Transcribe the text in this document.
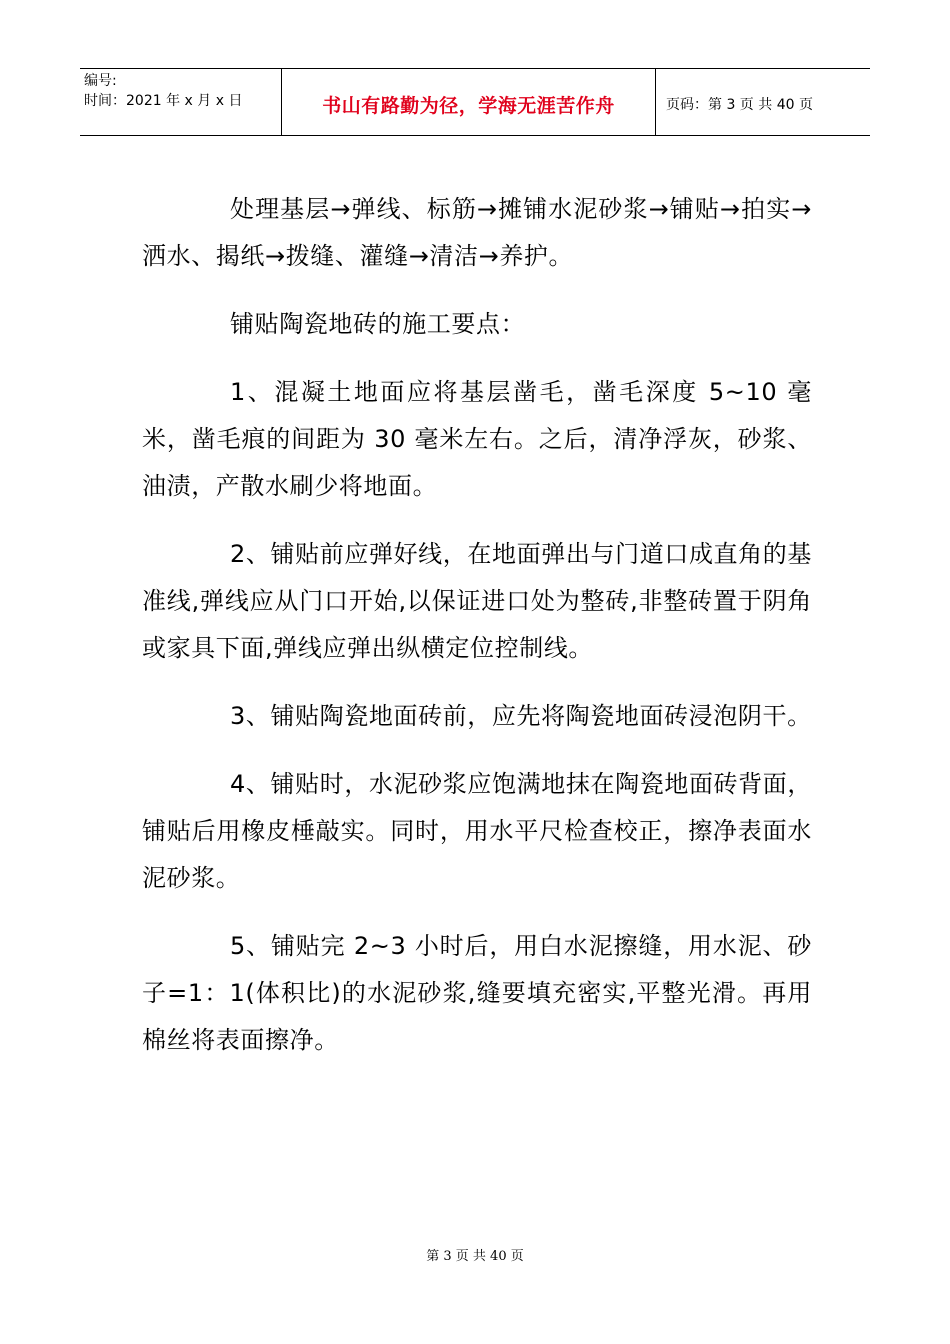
编号:
时间：2021 年 x 月 x 日	书山有路勤为径，学海无涯苦作舟	页码：第 3 页 共 40 页

处理基层→弹线、标筋→摊铺水泥砂浆→铺贴→拍实→洒水、揭纸→拨缝、灌缝→清洁→养护。

铺贴陶瓷地砖的施工要点：

1、混凝土地面应将基层凿毛，凿毛深度 5~10 毫米，凿毛痕的间距为 30 毫米左右。之后，清净浮灰，砂浆、油渍，产散水刷少将地面。

2、铺贴前应弹好线，在地面弹出与门道口成直角的基准线,弹线应从门口开始,以保证进口处为整砖,非整砖置于阴角或家具下面,弹线应弹出纵横定位控制线。

3、铺贴陶瓷地面砖前，应先将陶瓷地面砖浸泡阴干。

4、铺贴时，水泥砂浆应饱满地抹在陶瓷地面砖背面，铺贴后用橡皮棰敲实。同时，用水平尺检查校正，擦净表面水泥砂浆。

5、铺贴完 2~3 小时后，用白水泥擦缝，用水泥、砂子=1：1(体积比)的水泥砂浆,缝要填充密实,平整光滑。再用棉丝将表面擦净。

第 3 页 共 40 页
